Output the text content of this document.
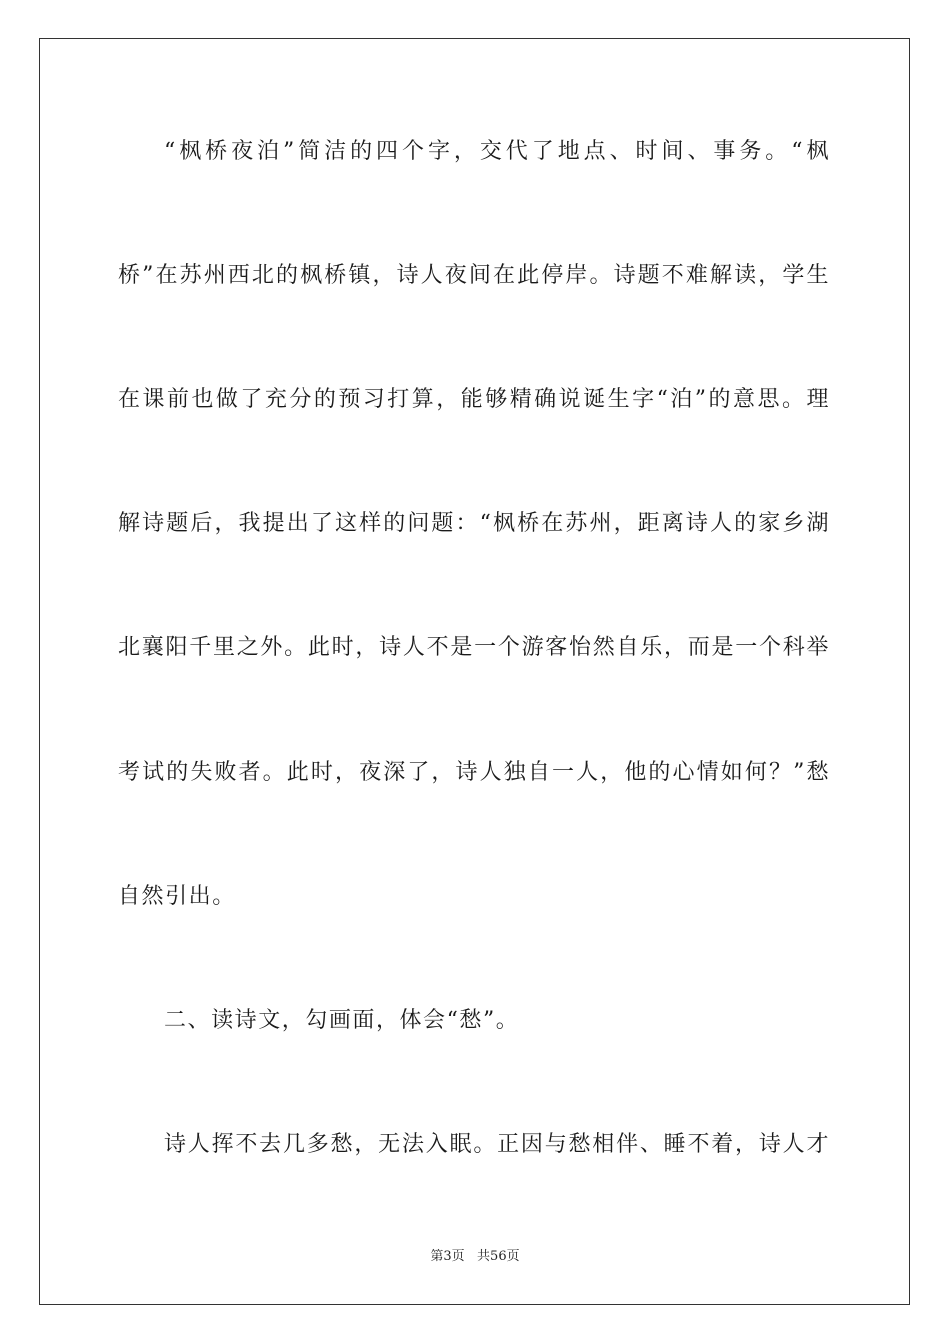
“枫桥夜泊”简洁的四个字，交代了地点、时间、事务。“枫
桥”在苏州西北的枫桥镇，诗人夜间在此停岸。诗题不难解读，学生
在课前也做了充分的预习打算，能够精确说诞生字“泊”的意思。理
解诗题后，我提出了这样的问题：“枫桥在苏州，距离诗人的家乡湖
北襄阳千里之外。此时，诗人不是一个游客怡然自乐，而是一个科举
考试的失败者。此时，夜深了，诗人独自一人，他的心情如何？”愁
自然引出。
二、读诗文，勾画面，体会“愁”。
诗人挥不去几多愁，无法入眠。正因与愁相伴、睡不着，诗人才
第3页   共56页
